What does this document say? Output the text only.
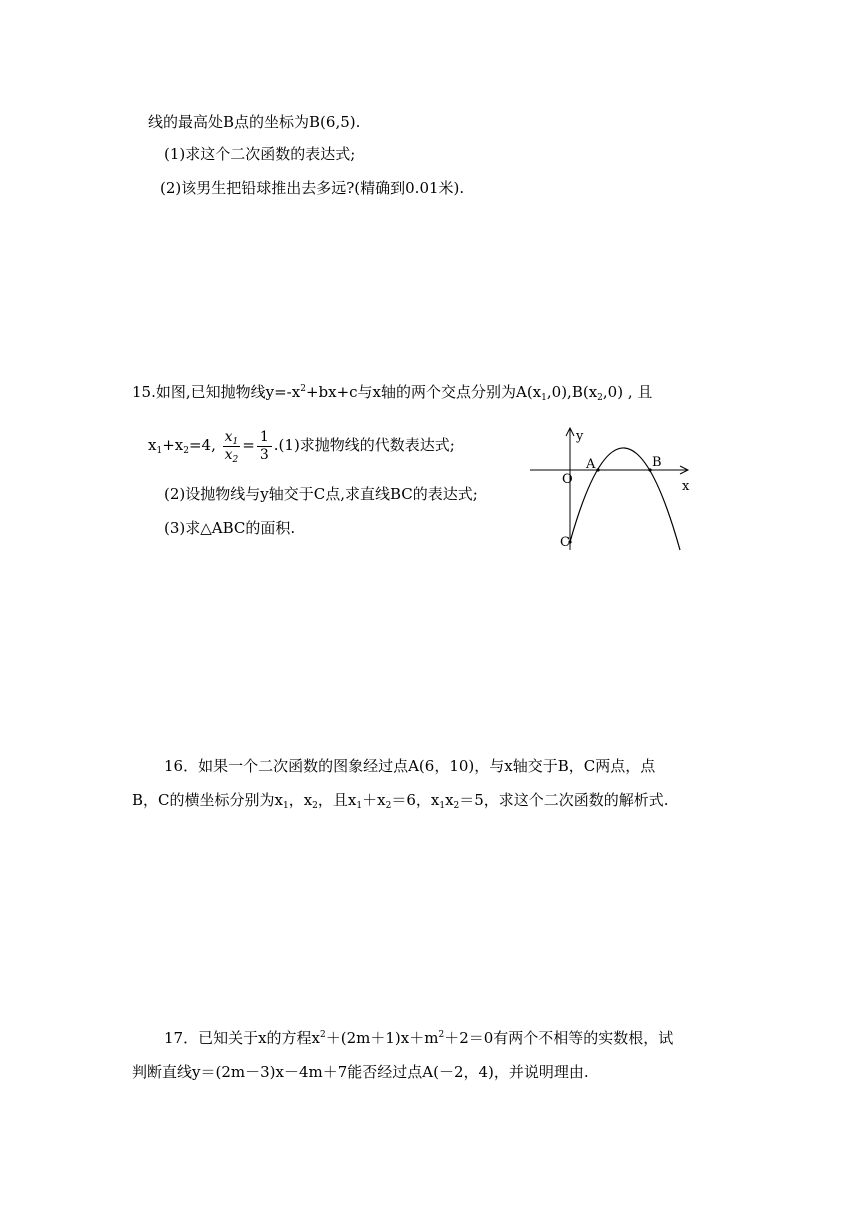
线的最高处B点的坐标为B(6,5).
(1)求这个二次函数的表达式;
(2)该男生把铅球推出去多远?(精确到0.01米).
15.如图,已知抛物线$y=-x^2+bx+c$与x轴的两个交点分别为$A(x_1,0),B(x_2,0)$ , 且
$x_1+x_2=4$, $\frac{x_1}{x_2} = \frac{1}{3} .(1)$求抛物线的代数表达式;
(2)设抛物线与y轴交于C点,求直线BC的表达式;
(3)求△ABC的面积.
y
x
O
A	B
C
16．如果一个二次函数的图象经过点A(6，10)，与x轴交于B，C两点，点
B，C的横坐标分别为$x_1$，$x_2$，且$x_1+x_2=6$，$x_1x_2=5$，求这个二次函数的解析式.
17．已知关于x的方程$x^2+(2m+1)x+m^2+2=0$有两个不相等的实数根，试
判断直线y＝(2m－3)x－4m＋7能否经过点A(－2，4)，并说明理由.
